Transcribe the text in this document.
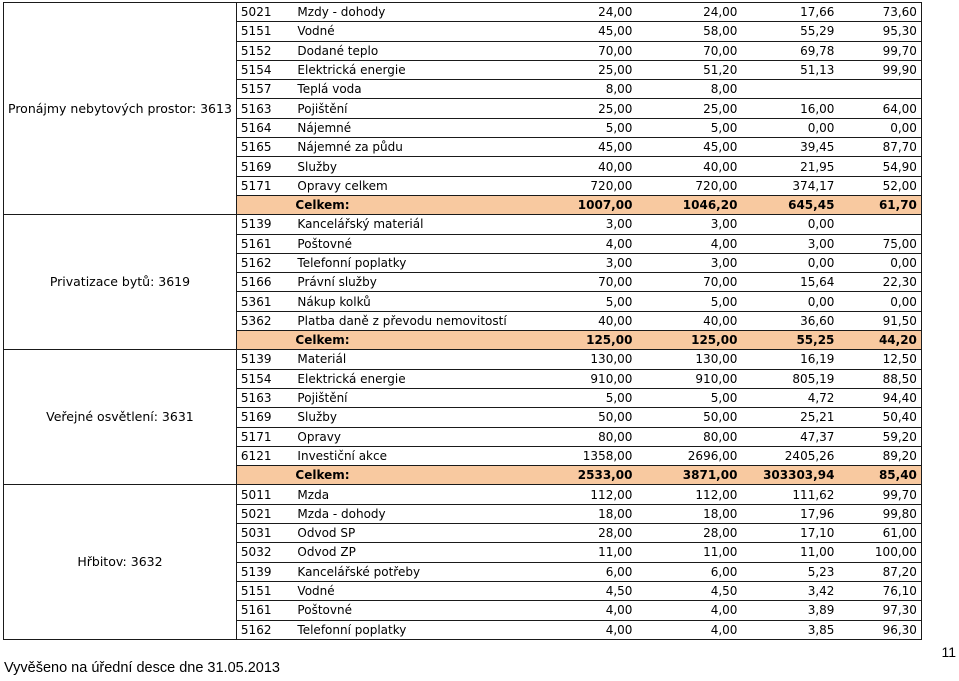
Pronájmy nebytových prostor: 3613	5021	Mzdy - dohody	24,00	24,00	17,66	73,60
	5151	Vodné	45,00	58,00	55,29	95,30
	5152	Dodané teplo	70,00	70,00	69,78	99,70
	5154	Elektrická energie	25,00	51,20	51,13	99,90
	5157	Teplá voda	8,00	8,00		
	5163	Pojištění	25,00	25,00	16,00	64,00
	5164	Nájemné	5,00	5,00	0,00	0,00
	5165	Nájemné za půdu	45,00	45,00	39,45	87,70
	5169	Služby	40,00	40,00	21,95	54,90
	5171	Opravy celkem	720,00	720,00	374,17	52,00
		Celkem:	1007,00	1046,20	645,45	61,70
Privatizace bytů: 3619	5139	Kancelářský materiál	3,00	3,00	0,00	
	5161	Poštovné	4,00	4,00	3,00	75,00
	5162	Telefonní poplatky	3,00	3,00	0,00	0,00
	5166	Právní služby	70,00	70,00	15,64	22,30
	5361	Nákup kolků	5,00	5,00	0,00	0,00
	5362	Platba daně z převodu nemovitostí	40,00	40,00	36,60	91,50
		Celkem:	125,00	125,00	55,25	44,20
Veřejné osvětlení: 3631	5139	Materiál	130,00	130,00	16,19	12,50
	5154	Elektrická energie	910,00	910,00	805,19	88,50
	5163	Pojištění	5,00	5,00	4,72	94,40
	5169	Služby	50,00	50,00	25,21	50,40
	5171	Opravy	80,00	80,00	47,37	59,20
	6121	Investiční akce	1358,00	2696,00	2405,26	89,20
		Celkem:	2533,00	3871,00	303303,94	85,40
Hřbitov: 3632	5011	Mzda	112,00	112,00	111,62	99,70
	5021	Mzda - dohody	18,00	18,00	17,96	99,80
	5031	Odvod SP	28,00	28,00	17,10	61,00
	5032	Odvod ZP	11,00	11,00	11,00	100,00
	5139	Kancelářské potřeby	6,00	6,00	5,23	87,20
	5151	Vodné	4,50	4,50	3,42	76,10
	5161	Poštovné	4,00	4,00	3,89	97,30
	5162	Telefonní poplatky	4,00	4,00	3,85	96,30
Vyvěšeno na úřední desce dne 31.05.2013
11
